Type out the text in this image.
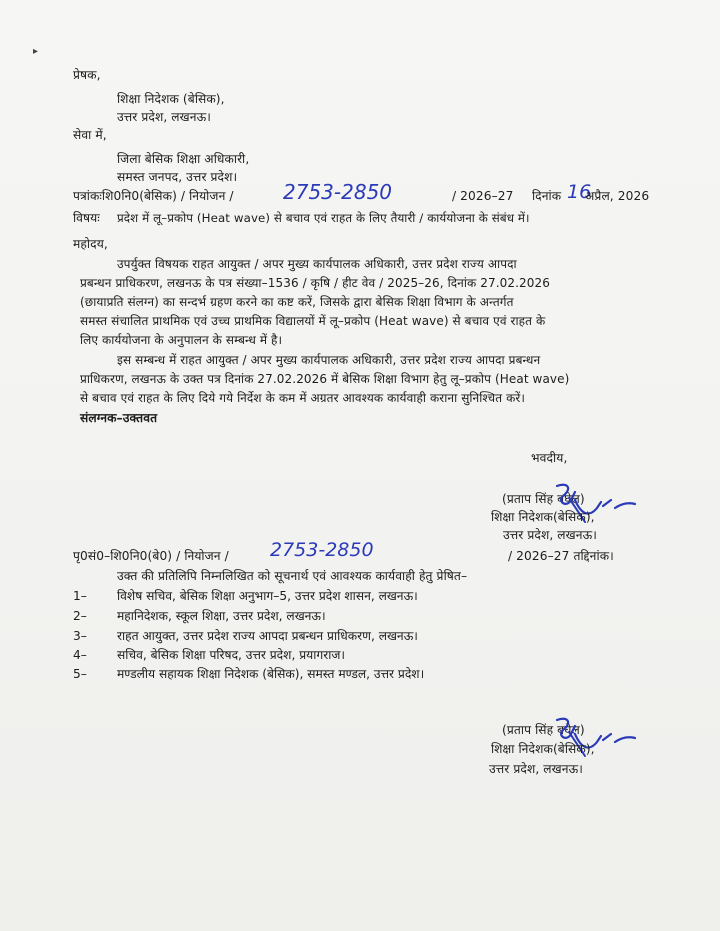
▸
प्रेषक,
शिक्षा निदेशक (बेसिक),
उत्तर प्रदेश, लखनऊ।
सेवा में,
जिला बेसिक शिक्षा अधिकारी,
समस्त जनपद, उत्तर प्रदेश।
पत्रांकःशि0नि0(बेसिक) / नियोजन / 2753-2850	/ 2026–27 दिनांक 16
अप्रैल, 2026
विषयः प्रदेश में लू–प्रकोप (Heat wave) से बचाव एवं राहत के लिए तैयारी / कार्ययोजना के संबंध में।
महोदय,
उपर्युक्त विषयक राहत आयुक्त / अपर मुख्य कार्यपालक अधिकारी, उत्तर प्रदेश राज्य आपदा
प्रबन्धन प्राधिकरण, लखनऊ के पत्र संख्या–1536 / कृषि / हीट वेव / 2025–26, दिनांक 27.02.2026
(छायाप्रति संलग्न) का सन्दर्भ ग्रहण करने का कष्ट करें, जिसके द्वारा बेसिक शिक्षा विभाग के अन्तर्गत
समस्त संचालित प्राथमिक एवं उच्च प्राथमिक विद्यालयों में लू–प्रकोप (Heat wave) से बचाव एवं राहत के
लिए कार्ययोजना के अनुपालन के सम्बन्ध में है।
इस सम्बन्ध में राहत आयुक्त / अपर मुख्य कार्यपालक अधिकारी, उत्तर प्रदेश राज्य आपदा प्रबन्धन
प्राधिकरण, लखनऊ के उक्त पत्र दिनांक 27.02.2026 में बेसिक शिक्षा विभाग हेतु लू–प्रकोप (Heat wave)
से बचाव एवं राहत के लिए दिये गये निर्देश के कम में अग्रतर आवश्यक कार्यवाही कराना सुनिश्चित करें।
संलग्नक–उक्तवत
भवदीय,
(प्रताप सिंह बघेल)
शिक्षा निदेशक(बेसिक),
उत्तर प्रदेश, लखनऊ।
पृ0सं0–शि0नि0(बे0) / नियोजन / 2753-2850	/ 2026–27 तद्दिनांक।
उक्त की प्रतिलिपि निम्नलिखित को सूचनार्थ एवं आवश्यक कार्यवाही हेतु प्रेषित–
1–	विशेष सचिव, बेसिक शिक्षा अनुभाग–5, उत्तर प्रदेश शासन, लखनऊ।
2–	महानिदेशक, स्कूल शिक्षा, उत्तर प्रदेश, लखनऊ।
3–	राहत आयुक्त, उत्तर प्रदेश राज्य आपदा प्रबन्धन प्राधिकरण, लखनऊ।
4–	सचिव, बेसिक शिक्षा परिषद, उत्तर प्रदेश, प्रयागराज।
5–	मण्डलीय सहायक शिक्षा निदेशक (बेसिक), समस्त मण्डल, उत्तर प्रदेश।
(प्रताप सिंह बघेल)
शिक्षा निदेशक(बेसिक),
उत्तर प्रदेश, लखनऊ।
